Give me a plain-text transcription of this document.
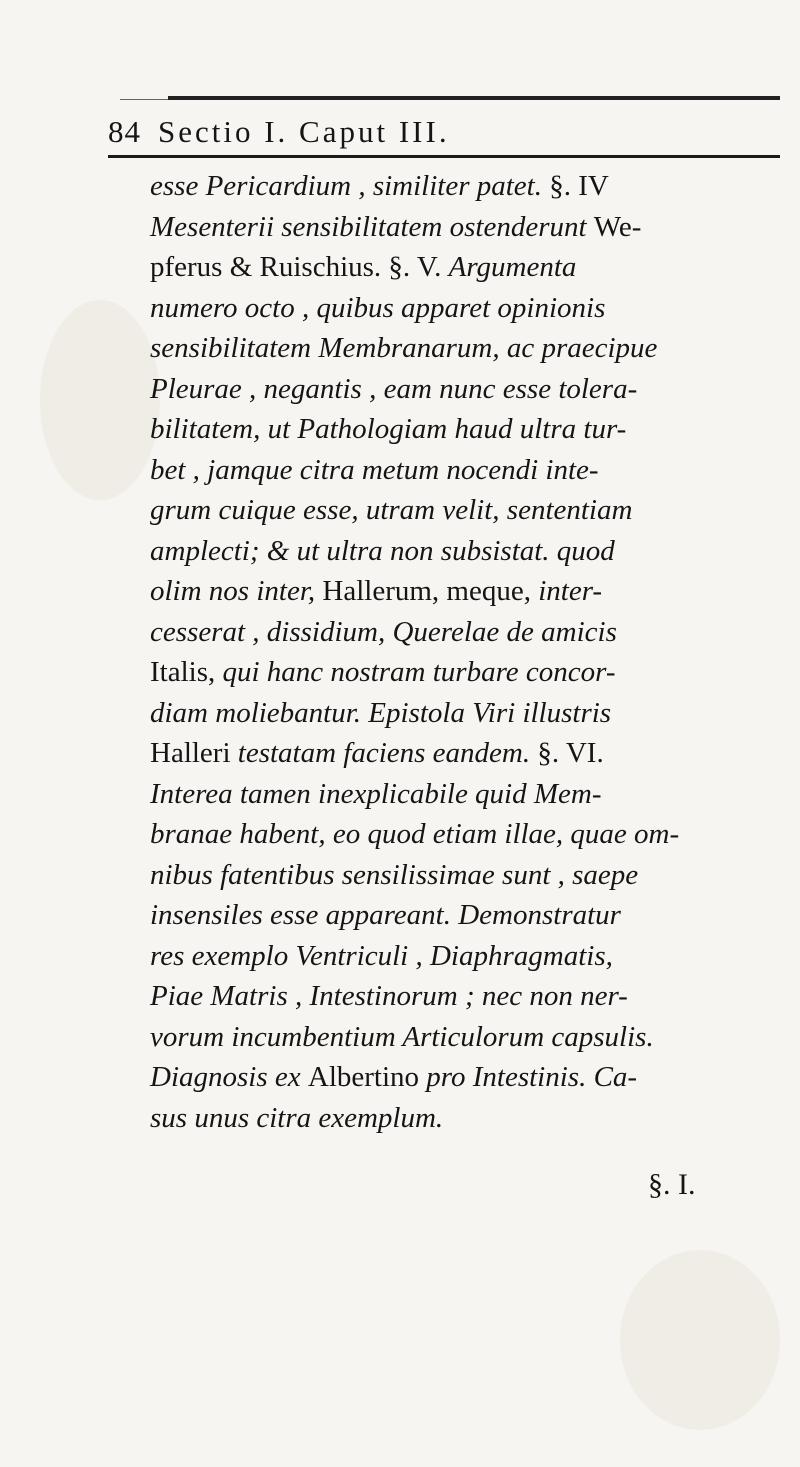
84 Sectio I. Caput III.
esse Pericardium , similiter patet. §. IV
Mesenterii sensibilitatem ostenderunt We-
pferus & Ruischius. §. V. Argumenta
numero octo , quibus apparet opinionis
sensibilitatem Membranarum, ac praecipue
Pleurae , negantis , eam nunc esse tolera-
bilitatem, ut Pathologiam haud ultra tur-
bet , jamque citra metum nocendi inte-
grum cuique esse, utram velit, sententiam
amplecti; & ut ultra non subsistat. quod
olim nos inter, Hallerum, meque, inter-
cesserat , dissidium, Querelae de amicis
Italis, qui hanc nostram turbare concor-
diam moliebantur. Epistola Viri illustris
Halleri testatam faciens eandem. §. VI.
Interea tamen inexplicabile quid Mem-
branae habent, eo quod etiam illae, quae om-
nibus fatentibus sensilissimae sunt , saepe
insensiles esse appareant. Demonstratur
res exemplo Ventriculi , Diaphragmatis,
Piae Matris , Intestinorum ; nec non ner-
vorum incumbentium Articulorum capsulis.
Diagnosis ex Albertino pro Intestinis. Ca-
sus unus citra exemplum.
§. I.
